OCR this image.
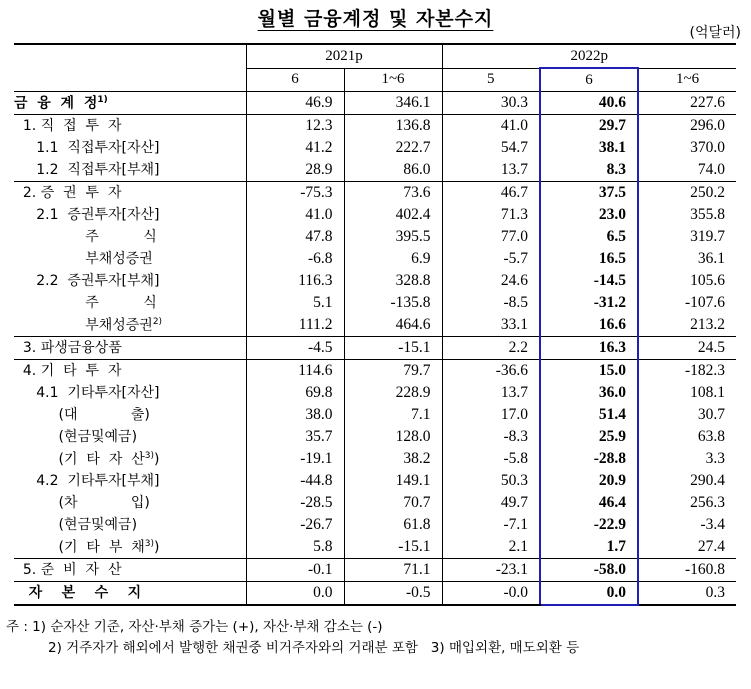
월별 금융계정 및 자본수지
(억달러)
	2021p		2022p		
	6	1~6	5	6	1~6
금  융  계  정$^{1)}$	46.9	346.1	30.3	40.6	227.6
1. 직  접  투  자	12.3	136.8	41.0	29.7	296.0
1.1  직접투자[자산]	41.2	222.7	54.7	38.1	370.0
1.2  직접투자[부채]	28.9	86.0	13.7	8.3	74.0
2. 증  권  투  자	-75.3	73.6	46.7	37.5	250.2
2.1  증권투자[자산]	41.0	402.4	71.3	23.0	355.8
주          식	47.8	395.5	77.0	6.5	319.7
부채성증권	-6.8	6.9	-5.7	16.5	36.1
2.2  증권투자[부채]	116.3	328.8	24.6	-14.5	105.6
주          식	5.1	-135.8	-8.5	-31.2	-107.6
부채성증권$^{2)}$	111.2	464.6	33.1	16.6	213.2
3. 파생금융상품	-4.5	-15.1	2.2	16.3	24.5
4. 기  타  투  자	114.6	79.7	-36.6	15.0	-182.3
4.1  기타투자[자산]	69.8	228.9	13.7	36.0	108.1
(대            출)	38.0	7.1	17.0	51.4	30.7
(현금및예금)	35.7	128.0	-8.3	25.9	63.8
(기  타  자  산$^{3)}$)	-19.1	38.2	-5.8	-28.8	3.3
4.2  기타투자[부채]	-44.8	149.1	50.3	20.9	290.4
(차            입)	-28.5	70.7	49.7	46.4	256.3
(현금및예금)	-26.7	61.8	-7.1	-22.9	-3.4
(기  타  부  채$^{3)}$)	5.8	-15.1	2.1	1.7	27.4
5. 준  비  자  산	-0.1	71.1	-23.1	-58.0	-160.8
자    본    수    지	0.0	-0.5	-0.0	0.0	0.3
주 : 1) 순자산 기준, 자산·부채 증가는 (+), 자산·부채 감소는 (-)
2) 거주자가 해외에서 발행한 채권중 비거주자와의 거래분 포함   3) 매입외환, 매도외환 등
